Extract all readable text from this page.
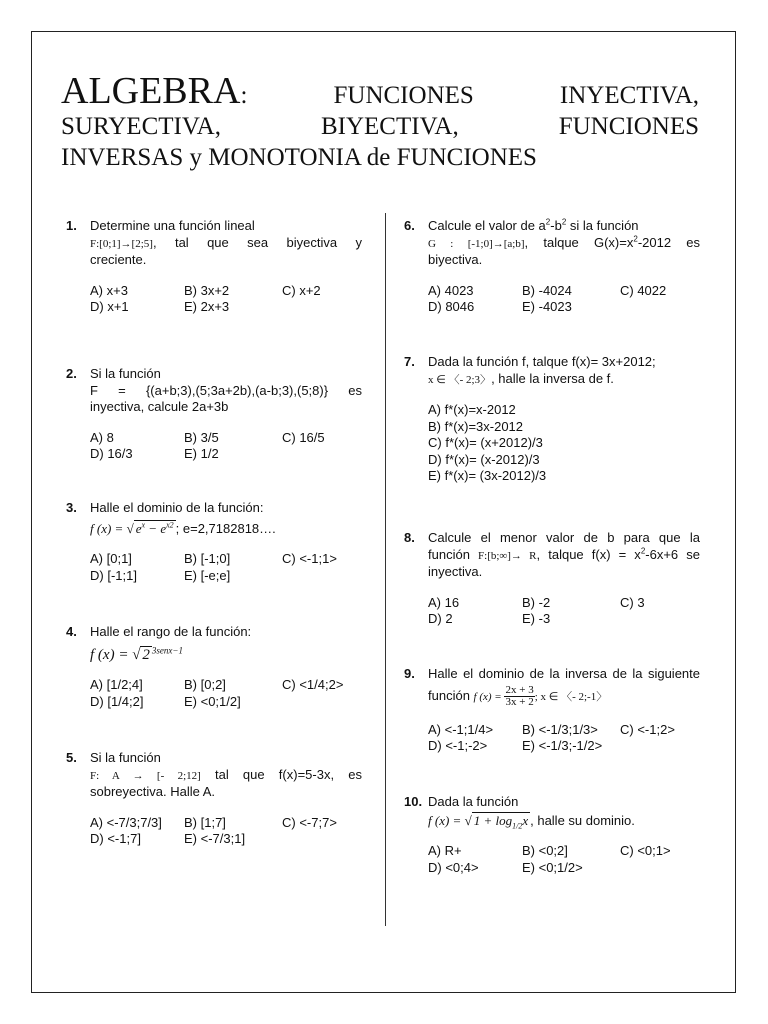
ALGEBRA:	FUNCIONES INYECTIVA, SURYECTIVA, BIYECTIVA, FUNCIONES
INVERSAS y MONOTONIA de FUNCIONES
1. Determine una función lineal
F:[0;1]→[2;5], tal que sea biyectiva y
creciente.
A) x+3	B) 3x+2	C) x+2
D) x+1	E) 2x+3
2. Si la función
F = {(a+b;3),(5;3a+2b),(a-b;3),(5;8)} es
inyectiva, calcule 2a+3b
A) 8	B) 3/5	C) 16/5
D) 16/3	E) 1/2
3. Halle el dominio de la función:
f (x) = √ $e^x - e^{x2}$ ; e=2,7182818….
A) [0;1]	B) [-1;0]	C) <-1;1>
D) [-1;1]	E) [-e;e]
4. Halle el rango de la función:
f (x) = √ 2 $^{3senx-1}$
A) [1/2;4]	B) [0;2]	C) <1/4;2>
D) [1/4;2]	E) <0;1/2]
5. Si la función
F: A → [- 2;12] tal que f(x)=5-3x, es
sobreyectiva. Halle A.
A) <-7/3;7/3]	B) [1;7]	C) <-7;7>
D) <-1;7]	E) <-7/3;1]
6. Calcule el valor de $a^2-b^2$ si la función
G : [-1;0]→[a;b], talque $G(x)=x^2-2012$ es
biyectiva.
A) 4023	B) -4024	C) 4022
D) 8046	E) -4023
7. Dada la función f, talque f(x)= 3x+2012;
x ∈ 〈- 2;3〉, halle la inversa de f.
A) f*(x)=x-2012
B) f*(x)=3x-2012
C) f*(x)= (x+2012)/3
D) f*(x)= (x-2012)/3
E) f*(x)= (3x-2012)/3
8. Calcule el menor valor de b para que la
función F:[b;∞]→ R, talque $f(x) = x^2-6x+6$ se
inyectiva.
A) 16	B) -2	C) 3
D) 2	E) -3
9. Halle el dominio de la inversa de la siguiente
función f $(x) = \frac{2x + 3}{3x + 2}$ ; x ∈ 〈- 2;-1〉
A) <-1;1/4>	B) <-1/3;1/3>	C) <-1;2>
D) <-1;-2>	E) <-1/3;-1/2>
10. Dada la función
f (x) = √ $1 + \log_{1/2}x$ , halle su dominio.
A) R+	B) <0;2]	C) <0;1>
D) <0;4>	E) <0;1/2>
